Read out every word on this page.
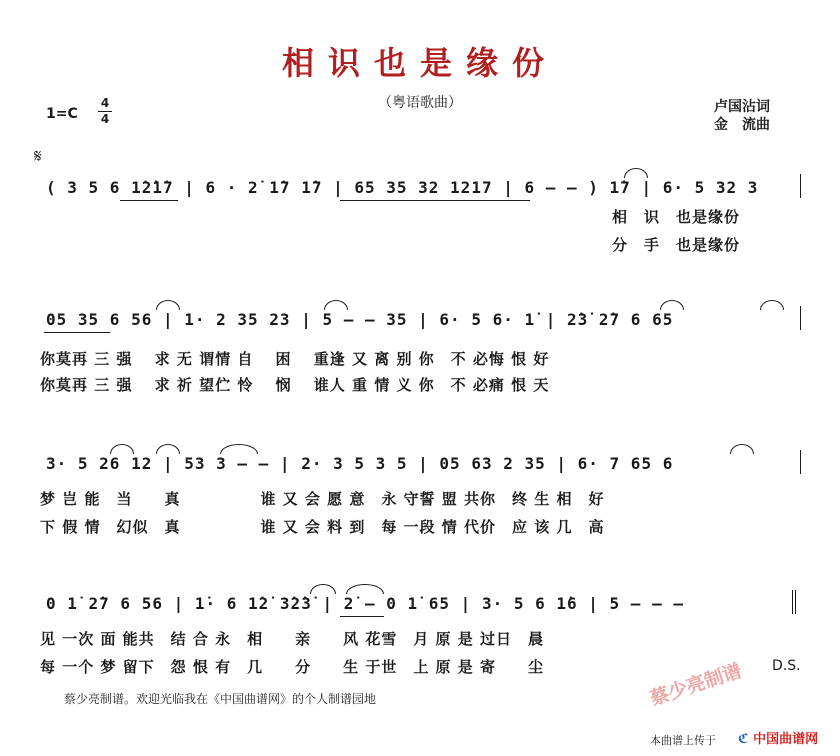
相识也是缘份
（粤语歌曲）
1=C
4
4
卢国沾词
金　流曲
𝄋
( 3 5 6 1̇2̇1̇7 | 6 · 2̇ 1̇7 1̇7 | 65 35 32 1217 | 6 – – ) 1̇7 | 6· 5 32 3
相　识　也是缘份
分　手　也是缘份
05 35 6 56 | 1· 2 35 23 | 5 – – 35 | 6· 5 6· 1̇ | 2̇3̇ 2̇7 6 65
你莫再 三 强　 求 无 谓情 自　 困　 重逢 又 离 别 你　不 必悔 恨 好
你莫再 三 强　 求 祈 望伫 怜　 悯　 谁人 重 情 义 你　不 必痛 恨 天
3· 5 26 12 | 53 3 – – | 2· 3 5 3 5 | 05 63 2 35 | 6· 7 65 6
梦 岂 能　当　　真　　　　　谁 又 会 愿 意　永 守誓 盟 共你　终 生 相　好
下 假 情　幻似　真　　　　　谁 又 会 料 到　每 一段 情 代价　应 该 几　高
0 1̇ 2̇7 6 56 | 1̇· 6 1̇2̇ 3̇2̇3̇ | 2̇ – 0 1̇ 65 | 3· 5 6 1̇6 | 5 – – –
见 一次 面 能共　结 合 永　相　　亲　　风 花雪　月 原 是 过日　晨
每 一个 梦 留下　怨 恨 有　几　　分　　生 于世　上 原 是 寄　　尘	D.S.
蔡少亮制谱。欢迎光临我在《中国曲谱网》的个人制谱园地	蔡少亮制谱
本曲谱上传于 ℭ 中国曲谱网
